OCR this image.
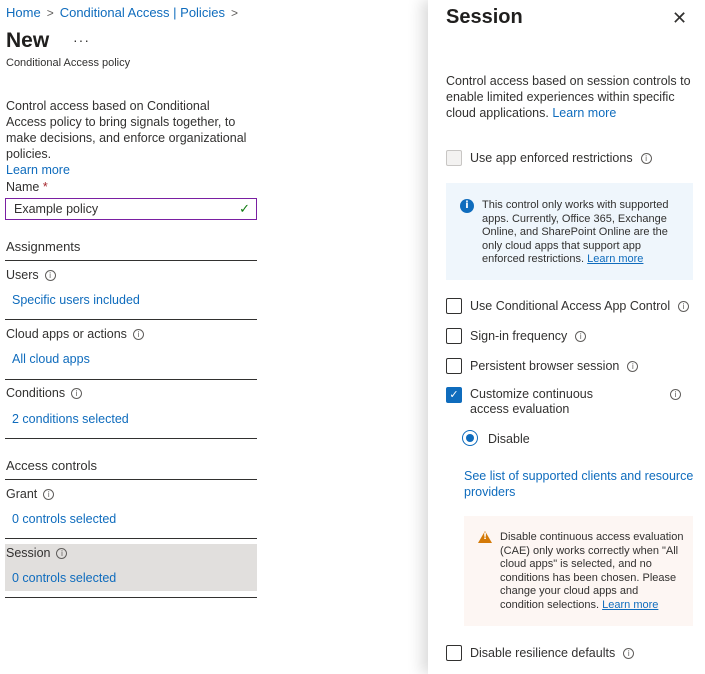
Home > Conditional Access | Policies >
New ···
Conditional Access policy
Control access based on Conditional Access policy to bring signals together, to make decisions, and enforce organizational policies.
Learn more
Name *
Example policy	✓
Assignments
Users	i
Specific users included
Cloud apps or actions	i
All cloud apps
Conditions	i
2 conditions selected
Access controls
Grant	i
0 controls selected
Session	i
0 controls selected
Session	✕
Control access based on session controls to enable limited experiences within specific cloud applications. Learn more
Use app enforced restrictions	i
i	This control only works with supported apps. Currently, Office 365, Exchange Online, and SharePoint Online are the only cloud apps that support app enforced restrictions. Learn more
Use Conditional Access App Control	i
Sign-in frequency	i
Persistent browser session	i
✓ Customize continuous access evaluation
i
Disable
See list of supported clients and resource providers
! Disable continuous access evaluation (CAE) only works correctly when "All cloud apps" is selected, and no conditions has been chosen. Please change your cloud apps and condition selections. Learn more
Disable resilience defaults	i
